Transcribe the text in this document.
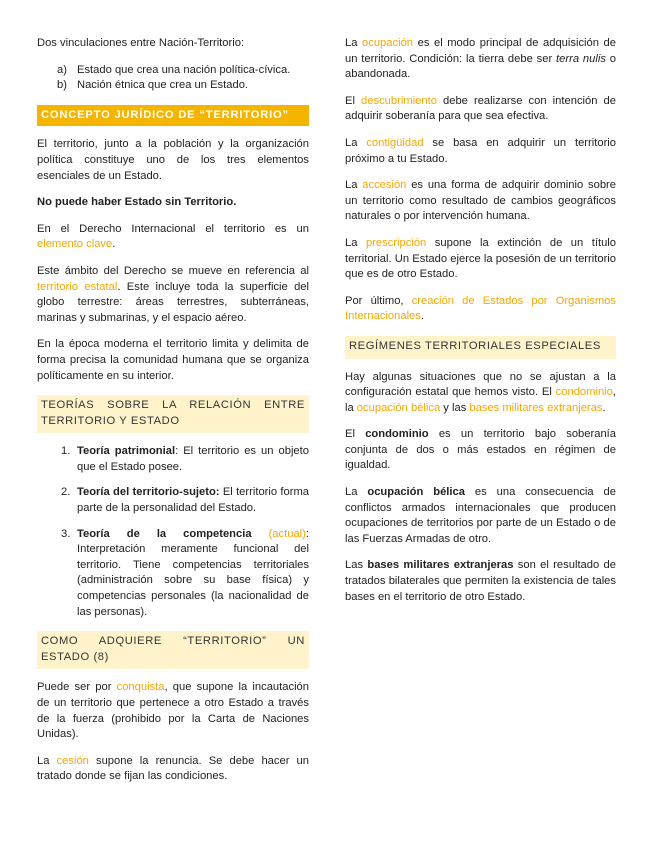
Dos vinculaciones entre Nación-Territorio:

a) Estado que crea una nación política-cívica.
b) Nación étnica que crea un Estado.
CONCEPTO JURÍDICO DE “TERRITORIO”

El territorio, junto a la población y la organización política constituye uno de los tres elementos esenciales de un Estado.

No puede haber Estado sin Territorio.

En el Derecho Internacional el territorio es un elemento clave.

Este ámbito del Derecho se mueve en referencia al territorio estatal. Este incluye toda la superficie del globo terrestre: áreas terrestres, subterráneas, marinas y submarinas, y el espacio aéreo.

En la época moderna el territorio limita y delimita de forma precisa la comunidad humana que se organiza políticamente en su interior.

TEORÍAS SOBRE LA RELACIÓN ENTRE TERRITORIO Y ESTADO
1. Teoría patrimonial: El territorio es un objeto que el Estado posee.
2. Teoría del territorio-sujeto: El territorio forma parte de la personalidad del Estado.
3. Teoría de la competencia (actual): Interpretación meramente funcional del territorio. Tiene competencias territoriales (administración sobre su base física) y competencias personales (la nacionalidad de las personas).
COMO ADQUIERE “TERRITORIO” UN ESTADO (8)

Puede ser por conquista, que supone la incautación de un territorio que pertenece a otro Estado a través de la fuerza (prohibido por la Carta de Naciones Unidas).

La cesión supone la renuncia. Se debe hacer un tratado donde se fijan las condiciones.

La ocupación es el modo principal de adquisición de un territorio. Condición: la tierra debe ser terra nulis o abandonada.

El descubrimiento debe realizarse con intención de adquirir soberanía para que sea efectiva.

La contigüidad se basa en adquirir un territorio próximo a tu Estado.

La accesión es una forma de adquirir dominio sobre un territorio como resultado de cambios geográficos naturales o por intervención humana.

La prescripción supone la extinción de un título territorial. Un Estado ejerce la posesión de un territorio que es de otro Estado.

Por último, creación de Estados por Organismos Internacionales.

REGÍMENES TERRITORIALES ESPECIALES

Hay algunas situaciones que no se ajustan a la configuración estatal que hemos visto. El condominio, la ocupación bélica y las bases militares extranjeras.

El condominio es un territorio bajo soberanía conjunta de dos o más estados en régimen de igualdad.

La ocupación bélica es una consecuencia de conflictos armados internacionales que producen ocupaciones de territorios por parte de un Estado o de las Fuerzas Armadas de otro.

Las bases militares extranjeras son el resultado de tratados bilaterales que permiten la existencia de tales bases en el territorio de otro Estado.
